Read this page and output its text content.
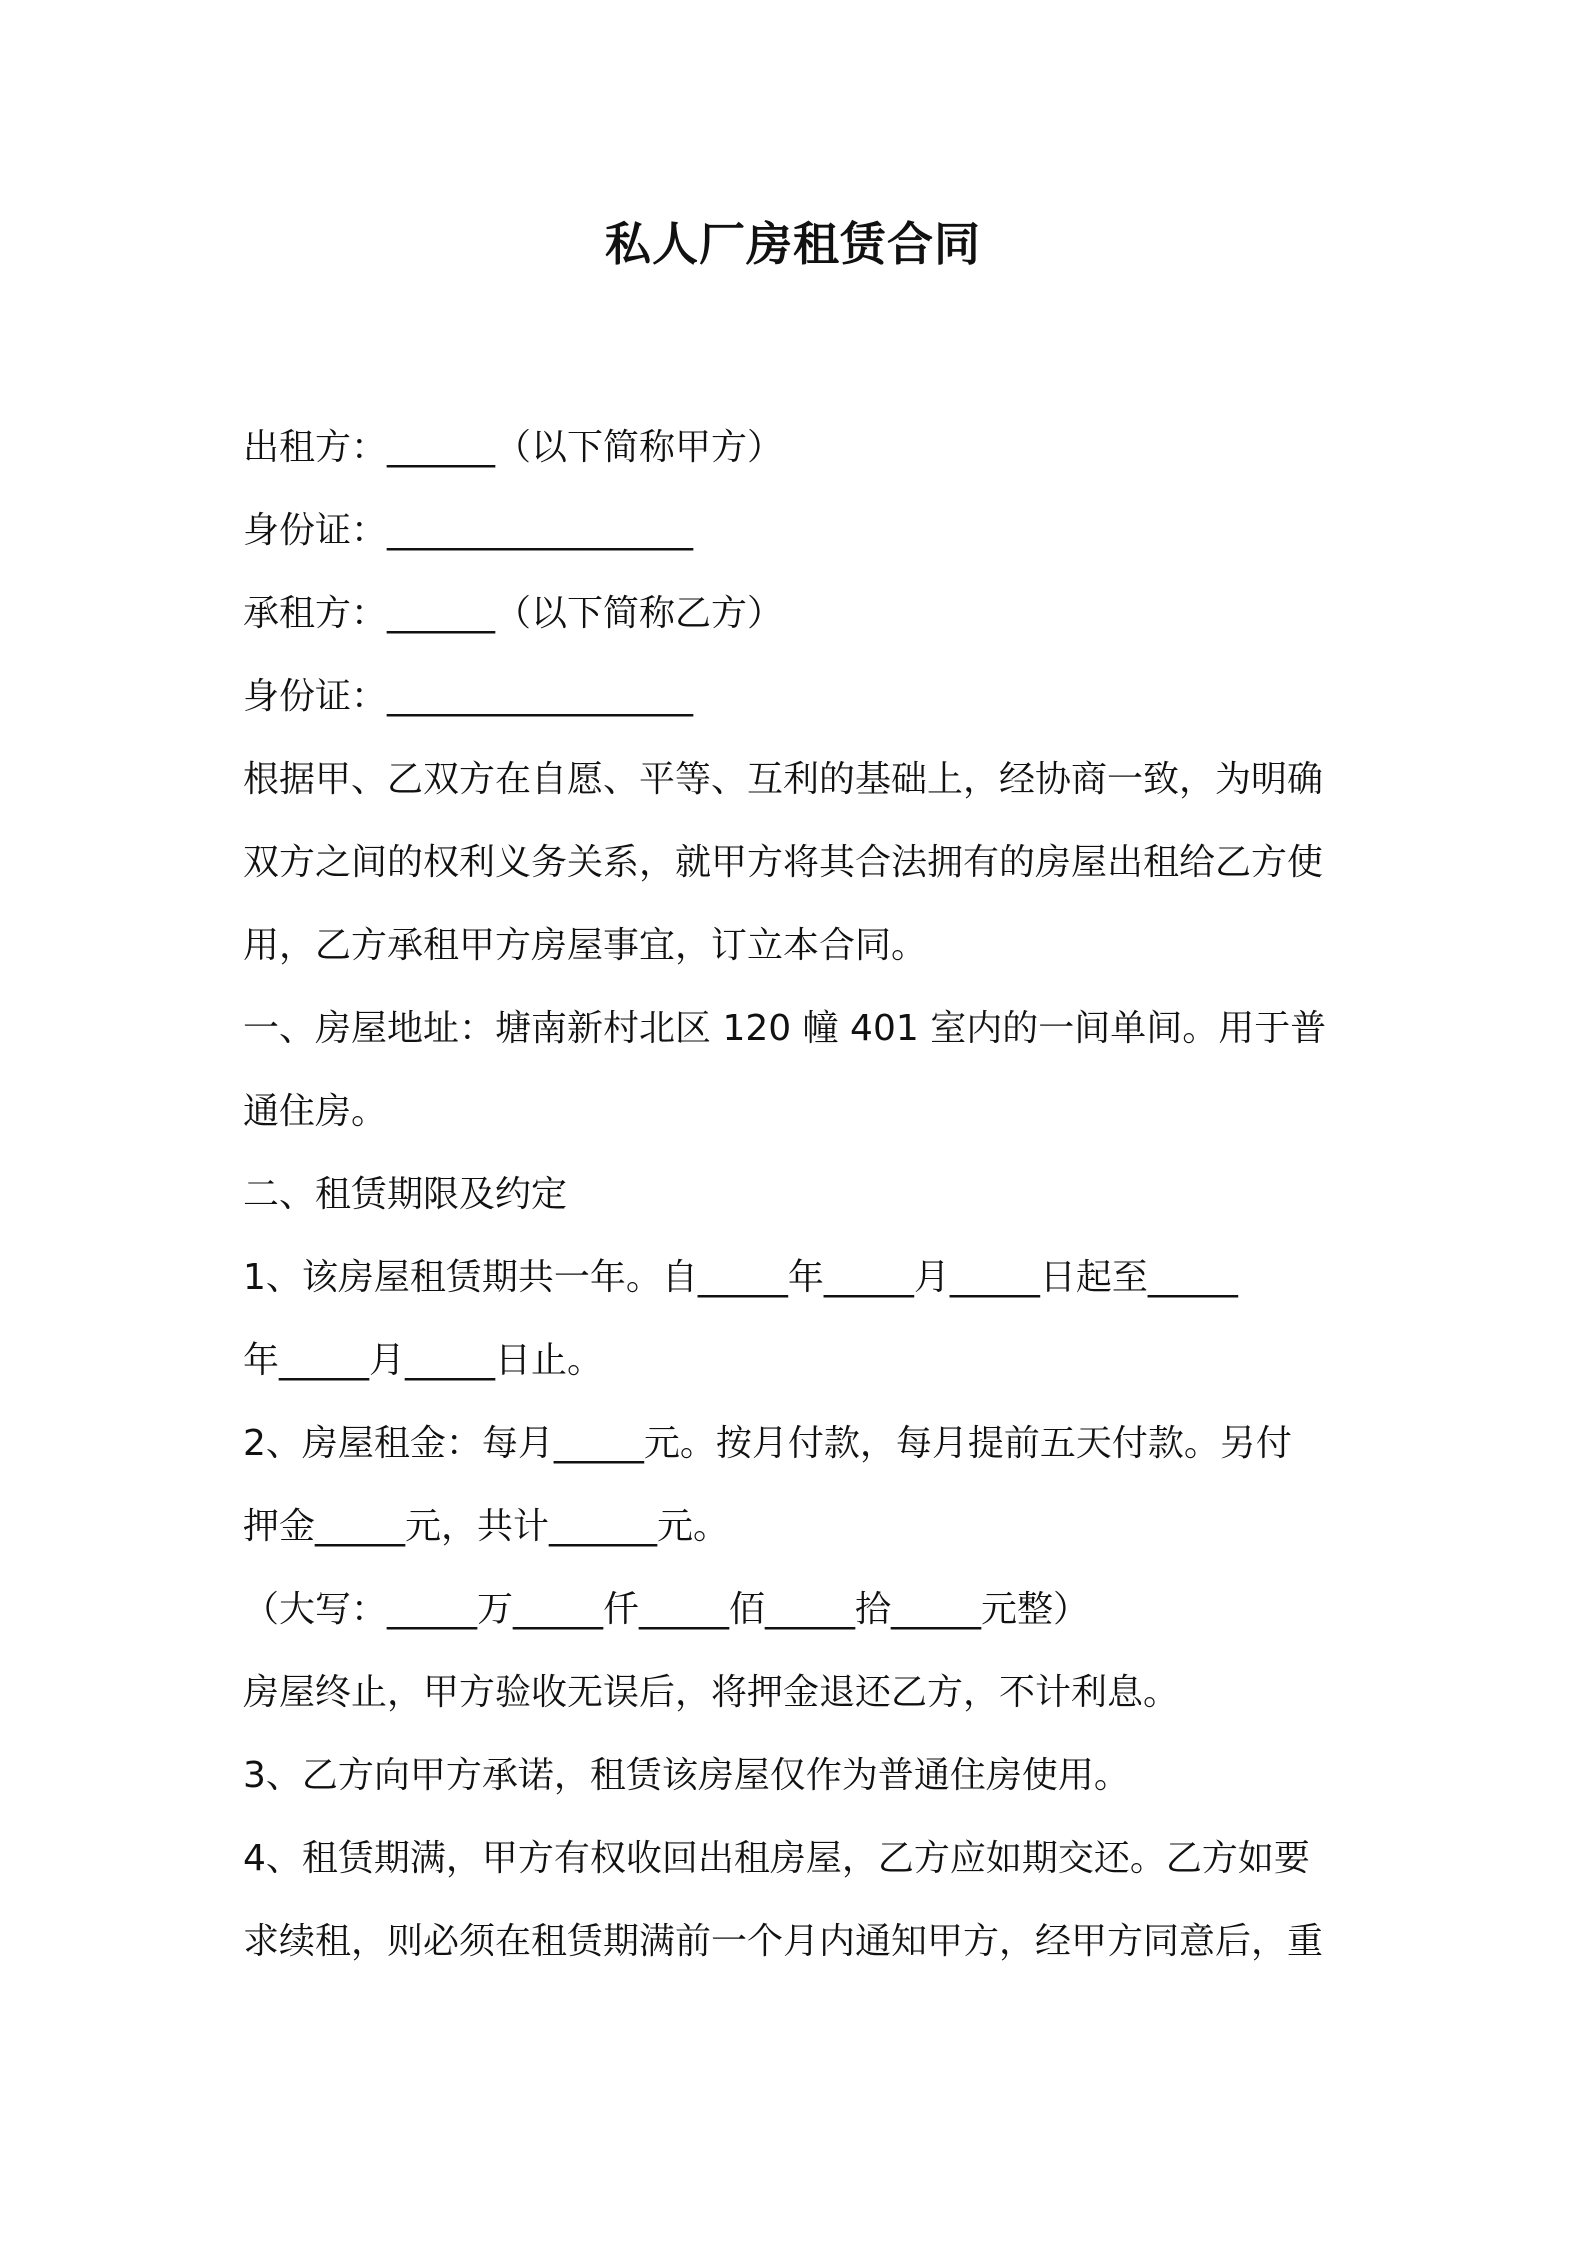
私人厂房租赁合同
出租方：______（以下简称甲方）
身份证：_________________
承租方：______（以下简称乙方）
身份证：_________________
根据甲、乙双方在自愿、平等、互利的基础上，经协商一致，为明确
双方之间的权利义务关系，就甲方将其合法拥有的房屋出租给乙方使
用，乙方承租甲方房屋事宜，订立本合同。
一、房屋地址：塘南新村北区 120 幢 401 室内的一间单间。用于普
通住房。
二、租赁期限及约定
1、该房屋租赁期共一年。自_____年_____月_____日起至_____
年_____月_____日止。
2、房屋租金：每月_____元。按月付款，每月提前五天付款。另付
押金_____元，共计______元。
（大写：_____万_____仟_____佰_____拾_____元整）
房屋终止，甲方验收无误后，将押金退还乙方，不计利息。
3、乙方向甲方承诺，租赁该房屋仅作为普通住房使用。
4、租赁期满，甲方有权收回出租房屋，乙方应如期交还。乙方如要
求续租，则必须在租赁期满前一个月内通知甲方，经甲方同意后，重
